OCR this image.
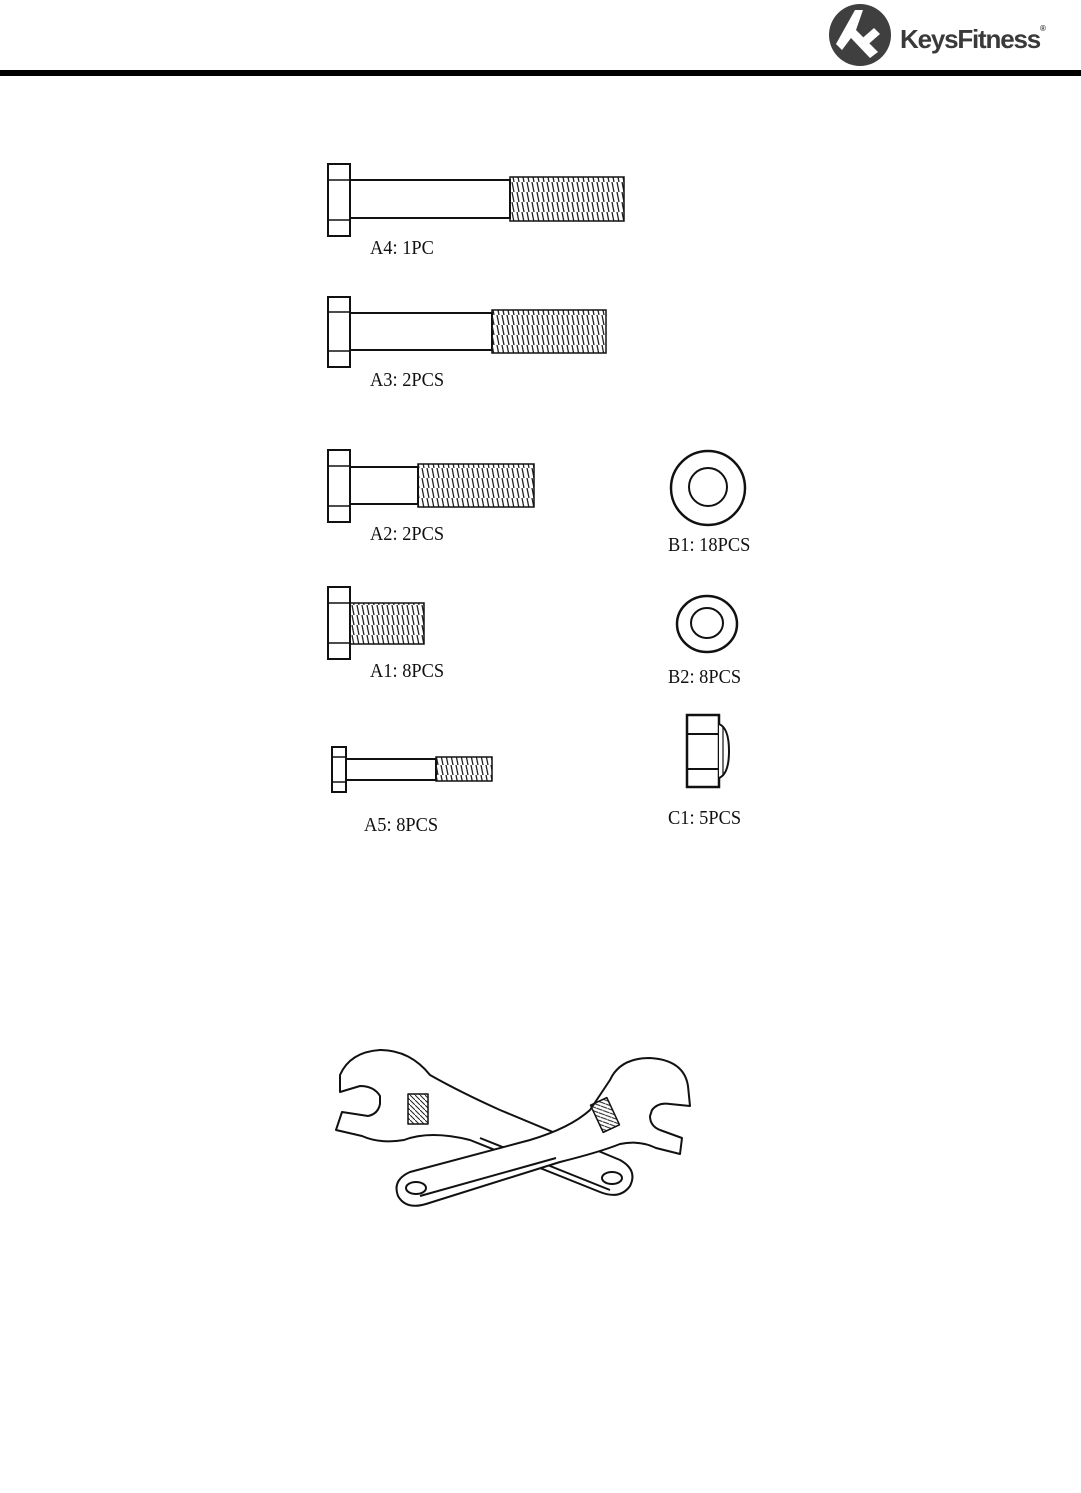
KeysFitness®
A4: 1PC
A3: 2PCS
A2: 2PCS
A1: 8PCS
A5: 8PCS
B1: 18PCS
B2: 8PCS
C1: 5PCS
